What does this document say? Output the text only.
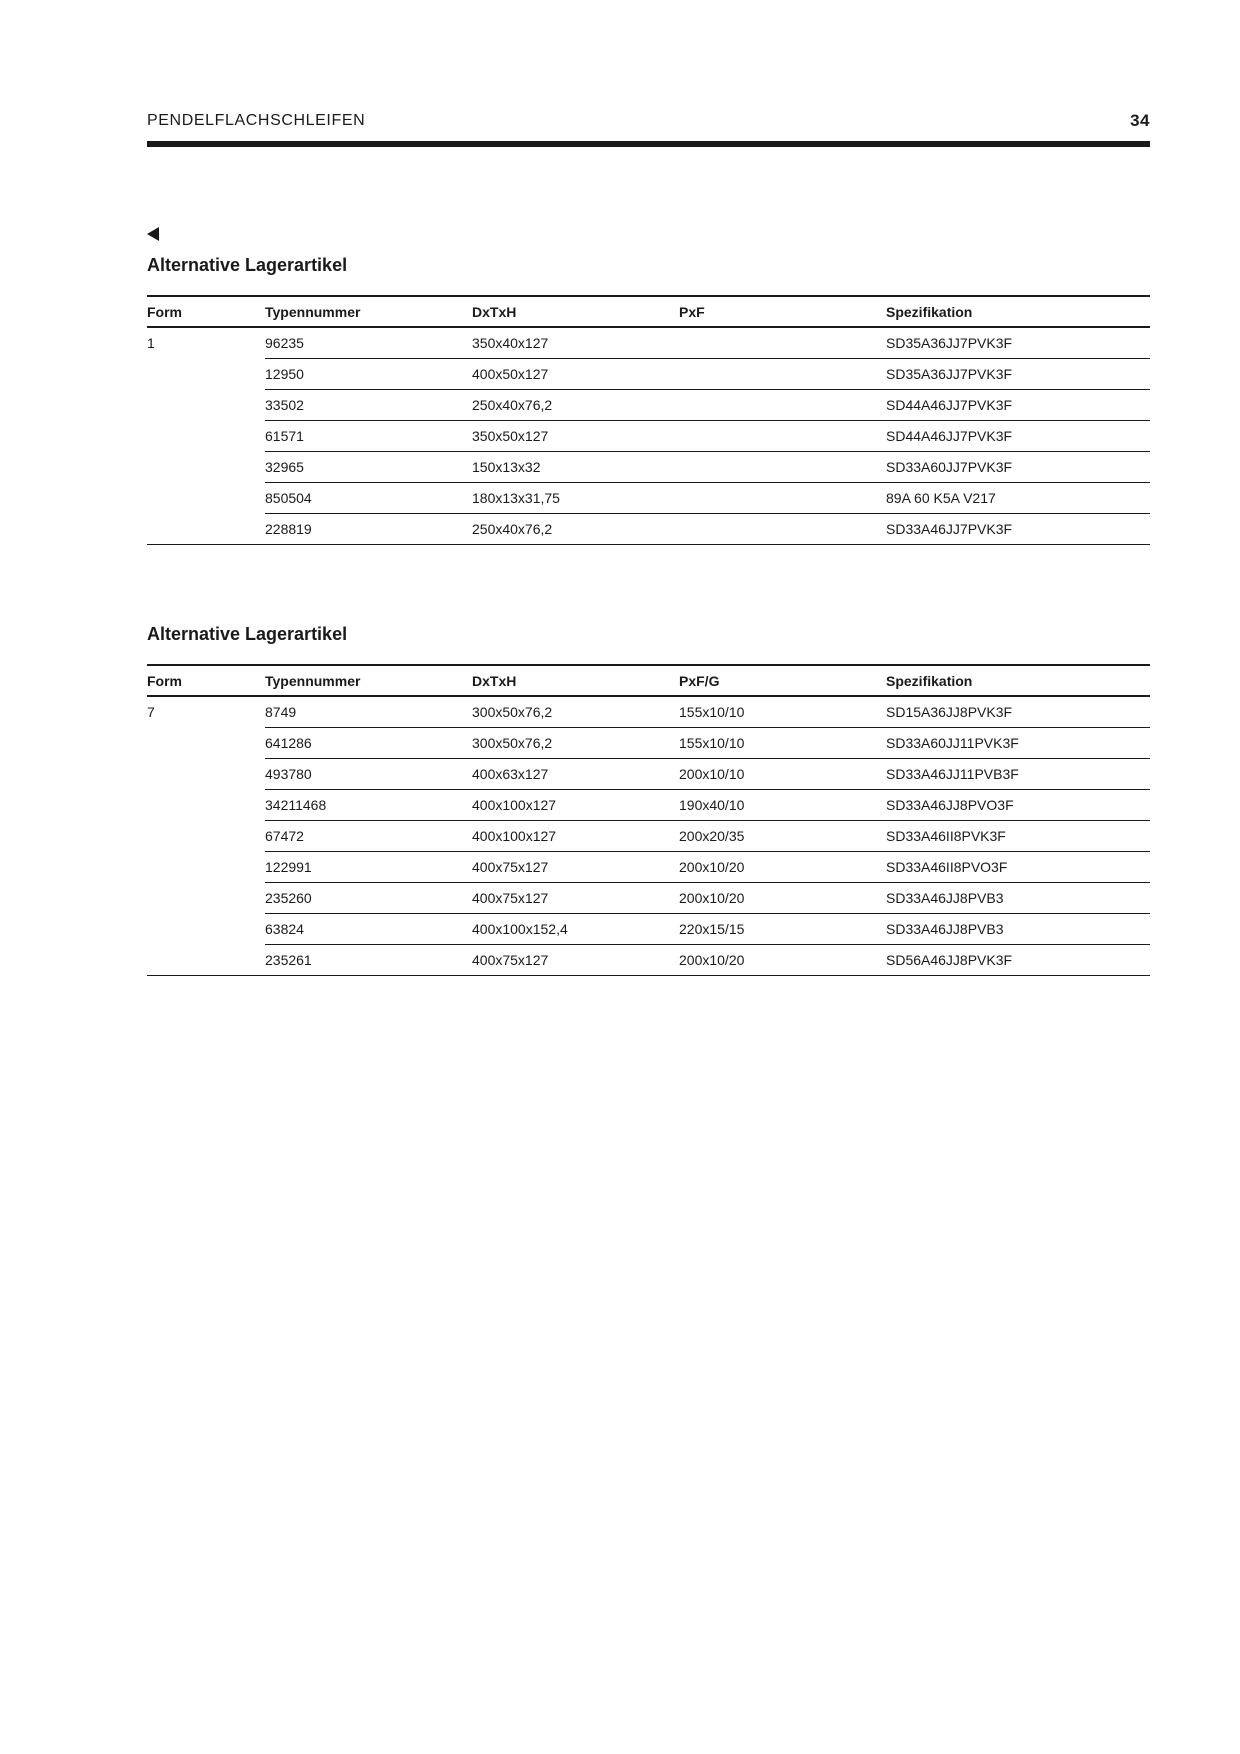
PENDELFLACHSCHLEIFEN	34
Alternative Lagerartikel
Form	Typennummer	DxTxH	PxF	Spezifikation
1	96235	350x40x127		SD35A36JJ7PVK3F
	12950	400x50x127		SD35A36JJ7PVK3F
	33502	250x40x76,2		SD44A46JJ7PVK3F
	61571	350x50x127		SD44A46JJ7PVK3F
	32965	150x13x32		SD33A60JJ7PVK3F
	850504	180x13x31,75		89A 60 K5A V217
	228819	250x40x76,2		SD33A46JJ7PVK3F
Alternative Lagerartikel
Form	Typennummer	DxTxH	PxF/G	Spezifikation
7	8749	300x50x76,2	155x10/10	SD15A36JJ8PVK3F
	641286	300x50x76,2	155x10/10	SD33A60JJ11PVK3F
	493780	400x63x127	200x10/10	SD33A46JJ11PVB3F
	34211468	400x100x127	190x40/10	SD33A46JJ8PVO3F
	67472	400x100x127	200x20/35	SD33A46II8PVK3F
	122991	400x75x127	200x10/20	SD33A46II8PVO3F
	235260	400x75x127	200x10/20	SD33A46JJ8PVB3
	63824	400x100x152,4	220x15/15	SD33A46JJ8PVB3
	235261	400x75x127	200x10/20	SD56A46JJ8PVK3F
